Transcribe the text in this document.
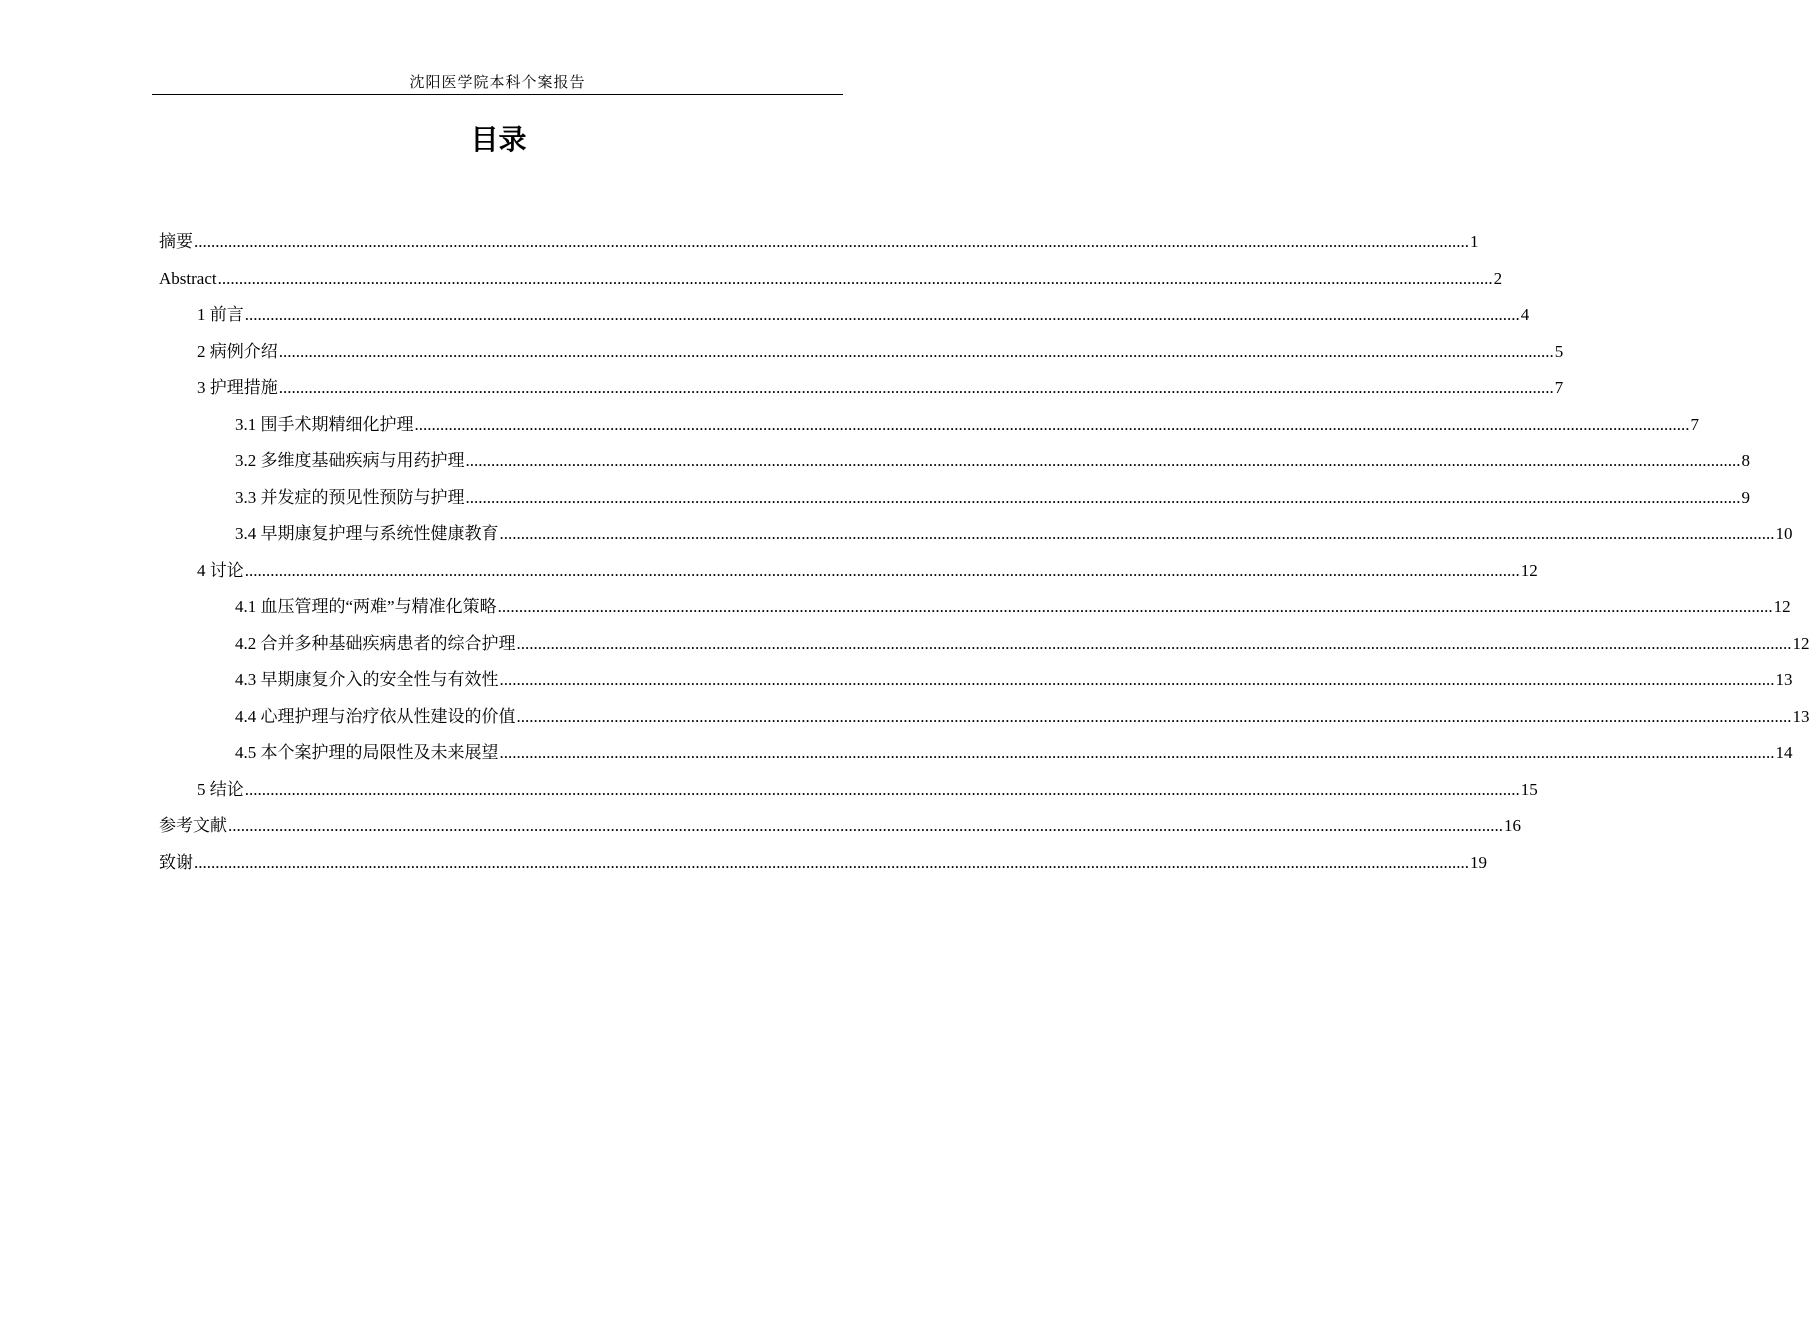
沈阳医学院本科个案报告
目录
摘要 ............................................................................................................................................................................................................................................................................................................ 1
Abstract ............................................................................................................................................................................................................................................................................................................ 2
1 前言 ............................................................................................................................................................................................................................................................................................................ 4
2 病例介绍 ............................................................................................................................................................................................................................................................................................................ 5
3 护理措施 ............................................................................................................................................................................................................................................................................................................ 7
3.1 围手术期精细化护理 ............................................................................................................................................................................................................................................................................................................ 7
3.2 多维度基础疾病与用药护理 ............................................................................................................................................................................................................................................................................................................ 8
3.3 并发症的预见性预防与护理 ............................................................................................................................................................................................................................................................................................................ 9
3.4 早期康复护理与系统性健康教育 ............................................................................................................................................................................................................................................................................................................ 10
4 讨论 ............................................................................................................................................................................................................................................................................................................ 12
4.1 血压管理的“两难”与精准化策略 ............................................................................................................................................................................................................................................................................................................ 12
4.2 合并多种基础疾病患者的综合护理 ............................................................................................................................................................................................................................................................................................................ 12
4.3 早期康复介入的安全性与有效性 ............................................................................................................................................................................................................................................................................................................ 13
4.4 心理护理与治疗依从性建设的价值 ............................................................................................................................................................................................................................................................................................................ 13
4.5 本个案护理的局限性及未来展望 ............................................................................................................................................................................................................................................................................................................ 14
5 结论 ............................................................................................................................................................................................................................................................................................................ 15
参考文献 ............................................................................................................................................................................................................................................................................................................ 16
致谢 ............................................................................................................................................................................................................................................................................................................ 19
